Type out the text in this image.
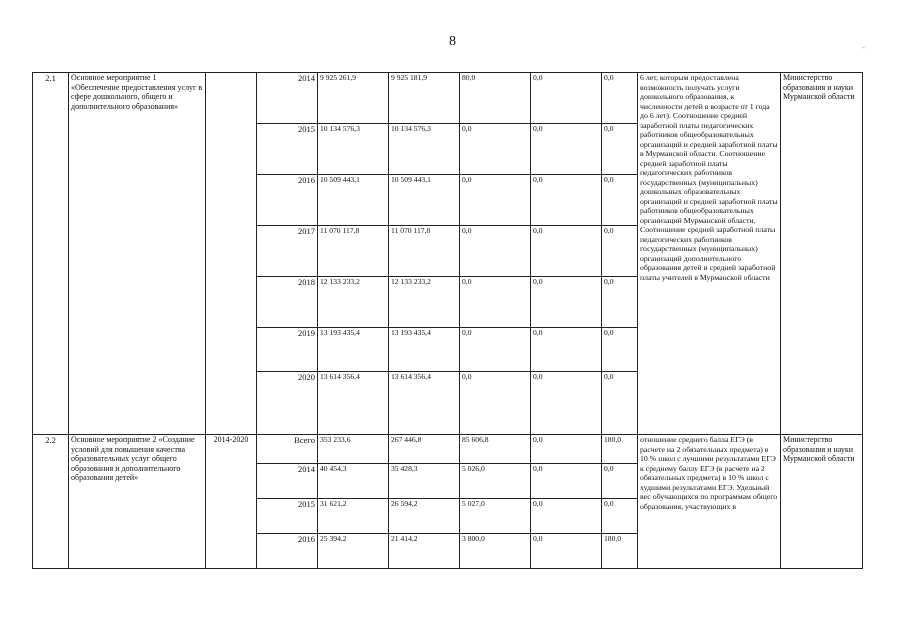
8	-
2.1	Основное мероприятие 1 «Обеспечение предоставления услуг в сфере дошкольного, общего и дополнительного образования»		2014	9 925 261,9	9 925 181,9	80,0	0,0	0,0	6 лет, которым предоставлена возможность получать услуги дошкольного образования, к численности детей в возрасте от 1 года до 6 лет). Соотношение средней заработной платы педагогических работников общеобразовательных организаций и средней заработной платы в Мурманской области. Соотношение средней заработной платы педагогических работников государственных (муниципальных) дошкольных образовательных организаций и средней заработной платы работников общеобразовательных организаций Мурманской области. Соотношение средней заработной платы педагогических работников государственных (муниципальных) организаций дополнительного образования детей и средней заработной платы учителей в Мурманской области	Министерство образования и науки Мурманской области
			2015	10 134 576,3	10 134 576,3	0,0	0,0	0,0		
			2016	10 509 443,1	10 509 443,1	0,0	0,0	0,0		
			2017	11 070 117,8	11 070 117,8	0,0	0,0	0,0		
			2018	12 133 233,2	12 133 233,2	0,0	0,0	0,0		
			2019	13 193 435,4	13 193 435,4	0,0	0,0	0,0		
			2020	13 614 356,4	13 614 356,4	0,0	0,0	0,0		
2.2	Основное мероприятие 2 «Создание условий для повышения качества образовательных услуг общего образования и дополнительного образования детей»	2014-2020	Всего	353 233,6	267 446,8	85 606,8	0,0	180,0	отношение среднего балла ЕГЭ (в расчете на 2 обязательных предмета) в 10 % школ с лучшими результатами ЕГЭ к среднему баллу ЕГЭ (в расчете на 2 обязательных предмета) в 10 % школ с худшими результатами ЕГЭ. Удельный вес обучающихся по программам общего образования, участвующих в	Министерство образования и науки Мурманской области
			2014	40 454,3	35 428,3	5 026,0	0,0	0,0		
			2015	31 621,2	26 594,2	5 027,0	0,0	0,0		
			2016	25 394,2	21 414,2	3 800,0	0,0	180,0		
